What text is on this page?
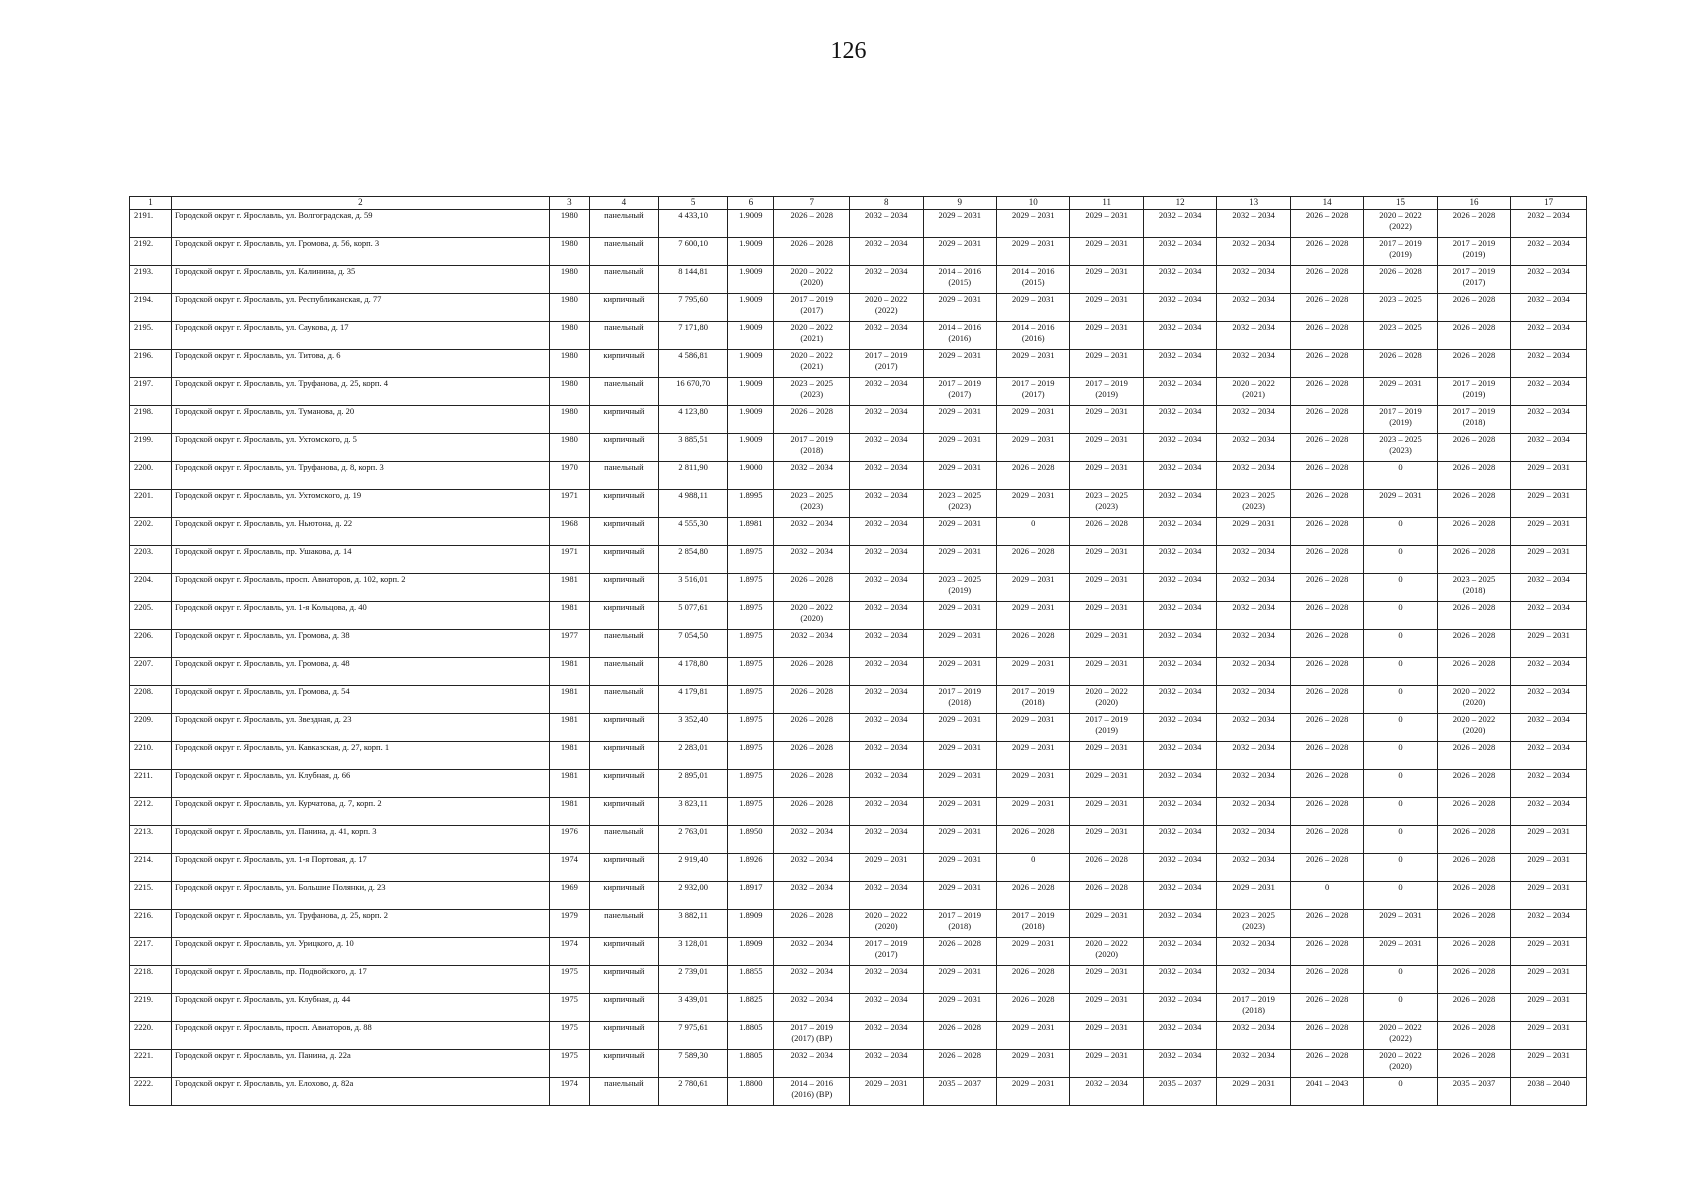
126
1	2	3	4	5	6	7	8	9	10	11	12	13	14	15	16	17
2191.	Городской округ г. Ярославль, ул. Волгоградская, д. 59	1980	панельный	4 433,10	1.9009	2026 – 2028	2032 – 2034	2029 – 2031	2029 – 2031	2029 – 2031	2032 – 2034	2032 – 2034	2026 – 2028	2020 – 2022
(2022)	2026 – 2028	2032 – 2034
2192.	Городской округ г. Ярославль, ул. Громова, д. 56, корп. 3	1980	панельный	7 600,10	1.9009	2026 – 2028	2032 – 2034	2029 – 2031	2029 – 2031	2029 – 2031	2032 – 2034	2032 – 2034	2026 – 2028	2017 – 2019
(2019)	2017 – 2019
(2019)	2032 – 2034
2193.	Городской округ г. Ярославль, ул. Калинина, д. 35	1980	панельный	8 144,81	1.9009	2020 – 2022
(2020)	2032 – 2034	2014 – 2016
(2015)	2014 – 2016
(2015)	2029 – 2031	2032 – 2034	2032 – 2034	2026 – 2028	2026 – 2028	2017 – 2019
(2017)	2032 – 2034
2194.	Городской округ г. Ярославль, ул. Республиканская, д. 77	1980	кирпичный	7 795,60	1.9009	2017 – 2019
(2017)	2020 – 2022
(2022)	2029 – 2031	2029 – 2031	2029 – 2031	2032 – 2034	2032 – 2034	2026 – 2028	2023 – 2025	2026 – 2028	2032 – 2034
2195.	Городской округ г. Ярославль, ул. Саукова, д. 17	1980	панельный	7 171,80	1.9009	2020 – 2022
(2021)	2032 – 2034	2014 – 2016
(2016)	2014 – 2016
(2016)	2029 – 2031	2032 – 2034	2032 – 2034	2026 – 2028	2023 – 2025	2026 – 2028	2032 – 2034
2196.	Городской округ г. Ярославль, ул. Титова, д. 6	1980	кирпичный	4 586,81	1.9009	2020 – 2022
(2021)	2017 – 2019
(2017)	2029 – 2031	2029 – 2031	2029 – 2031	2032 – 2034	2032 – 2034	2026 – 2028	2026 – 2028	2026 – 2028	2032 – 2034
2197.	Городской округ г. Ярославль, ул. Труфанова, д. 25, корп. 4	1980	панельный	16 670,70	1.9009	2023 – 2025
(2023)	2032 – 2034	2017 – 2019
(2017)	2017 – 2019
(2017)	2017 – 2019
(2019)	2032 – 2034	2020 – 2022
(2021)	2026 – 2028	2029 – 2031	2017 – 2019
(2019)	2032 – 2034
2198.	Городской округ г. Ярославль, ул. Туманова, д. 20	1980	кирпичный	4 123,80	1.9009	2026 – 2028	2032 – 2034	2029 – 2031	2029 – 2031	2029 – 2031	2032 – 2034	2032 – 2034	2026 – 2028	2017 – 2019
(2019)	2017 – 2019
(2018)	2032 – 2034
2199.	Городской округ г. Ярославль, ул. Ухтомского, д. 5	1980	кирпичный	3 885,51	1.9009	2017 – 2019
(2018)	2032 – 2034	2029 – 2031	2029 – 2031	2029 – 2031	2032 – 2034	2032 – 2034	2026 – 2028	2023 – 2025
(2023)	2026 – 2028	2032 – 2034
2200.	Городской округ г. Ярославль, ул. Труфанова, д. 8, корп. 3	1970	панельный	2 811,90	1.9000	2032 – 2034	2032 – 2034	2029 – 2031	2026 – 2028	2029 – 2031	2032 – 2034	2032 – 2034	2026 – 2028	0	2026 – 2028	2029 – 2031
2201.	Городской округ г. Ярославль, ул. Ухтомского, д. 19	1971	кирпичный	4 988,11	1.8995	2023 – 2025
(2023)	2032 – 2034	2023 – 2025
(2023)	2029 – 2031	2023 – 2025
(2023)	2032 – 2034	2023 – 2025
(2023)	2026 – 2028	2029 – 2031	2026 – 2028	2029 – 2031
2202.	Городской округ г. Ярославль, ул. Ньютона, д. 22	1968	кирпичный	4 555,30	1.8981	2032 – 2034	2032 – 2034	2029 – 2031	0	2026 – 2028	2032 – 2034	2029 – 2031	2026 – 2028	0	2026 – 2028	2029 – 2031
2203.	Городской округ г. Ярославль, пр. Ушакова, д. 14	1971	кирпичный	2 854,80	1.8975	2032 – 2034	2032 – 2034	2029 – 2031	2026 – 2028	2029 – 2031	2032 – 2034	2032 – 2034	2026 – 2028	0	2026 – 2028	2029 – 2031
2204.	Городской округ г. Ярославль, просп. Авиаторов, д. 102, корп. 2	1981	кирпичный	3 516,01	1.8975	2026 – 2028	2032 – 2034	2023 – 2025
(2019)	2029 – 2031	2029 – 2031	2032 – 2034	2032 – 2034	2026 – 2028	0	2023 – 2025
(2018)	2032 – 2034
2205.	Городской округ г. Ярославль, ул. 1-я Кольцова, д. 40	1981	кирпичный	5 077,61	1.8975	2020 – 2022
(2020)	2032 – 2034	2029 – 2031	2029 – 2031	2029 – 2031	2032 – 2034	2032 – 2034	2026 – 2028	0	2026 – 2028	2032 – 2034
2206.	Городской округ г. Ярославль, ул. Громова, д. 38	1977	панельный	7 054,50	1.8975	2032 – 2034	2032 – 2034	2029 – 2031	2026 – 2028	2029 – 2031	2032 – 2034	2032 – 2034	2026 – 2028	0	2026 – 2028	2029 – 2031
2207.	Городской округ г. Ярославль, ул. Громова, д. 48	1981	панельный	4 178,80	1.8975	2026 – 2028	2032 – 2034	2029 – 2031	2029 – 2031	2029 – 2031	2032 – 2034	2032 – 2034	2026 – 2028	0	2026 – 2028	2032 – 2034
2208.	Городской округ г. Ярославль, ул. Громова, д. 54	1981	панельный	4 179,81	1.8975	2026 – 2028	2032 – 2034	2017 – 2019
(2018)	2017 – 2019
(2018)	2020 – 2022
(2020)	2032 – 2034	2032 – 2034	2026 – 2028	0	2020 – 2022
(2020)	2032 – 2034
2209.	Городской округ г. Ярославль, ул. Звездная, д. 23	1981	кирпичный	3 352,40	1.8975	2026 – 2028	2032 – 2034	2029 – 2031	2029 – 2031	2017 – 2019
(2019)	2032 – 2034	2032 – 2034	2026 – 2028	0	2020 – 2022
(2020)	2032 – 2034
2210.	Городской округ г. Ярославль, ул. Кавказская, д. 27, корп. 1	1981	кирпичный	2 283,01	1.8975	2026 – 2028	2032 – 2034	2029 – 2031	2029 – 2031	2029 – 2031	2032 – 2034	2032 – 2034	2026 – 2028	0	2026 – 2028	2032 – 2034
2211.	Городской округ г. Ярославль, ул. Клубная, д. 66	1981	кирпичный	2 895,01	1.8975	2026 – 2028	2032 – 2034	2029 – 2031	2029 – 2031	2029 – 2031	2032 – 2034	2032 – 2034	2026 – 2028	0	2026 – 2028	2032 – 2034
2212.	Городской округ г. Ярославль, ул. Курчатова, д. 7, корп. 2	1981	кирпичный	3 823,11	1.8975	2026 – 2028	2032 – 2034	2029 – 2031	2029 – 2031	2029 – 2031	2032 – 2034	2032 – 2034	2026 – 2028	0	2026 – 2028	2032 – 2034
2213.	Городской округ г. Ярославль, ул. Панина, д. 41, корп. 3	1976	панельный	2 763,01	1.8950	2032 – 2034	2032 – 2034	2029 – 2031	2026 – 2028	2029 – 2031	2032 – 2034	2032 – 2034	2026 – 2028	0	2026 – 2028	2029 – 2031
2214.	Городской округ г. Ярославль, ул. 1-я Портовая, д. 17	1974	кирпичный	2 919,40	1.8926	2032 – 2034	2029 – 2031	2029 – 2031	0	2026 – 2028	2032 – 2034	2032 – 2034	2026 – 2028	0	2026 – 2028	2029 – 2031
2215.	Городской округ г. Ярославль, ул. Большие Полянки, д. 23	1969	кирпичный	2 932,00	1.8917	2032 – 2034	2032 – 2034	2029 – 2031	2026 – 2028	2026 – 2028	2032 – 2034	2029 – 2031	0	0	2026 – 2028	2029 – 2031
2216.	Городской округ г. Ярославль, ул. Труфанова, д. 25, корп. 2	1979	панельный	3 882,11	1.8909	2026 – 2028	2020 – 2022
(2020)	2017 – 2019
(2018)	2017 – 2019
(2018)	2029 – 2031	2032 – 2034	2023 – 2025
(2023)	2026 – 2028	2029 – 2031	2026 – 2028	2032 – 2034
2217.	Городской округ г. Ярославль, ул. Урицкого, д. 10	1974	кирпичный	3 128,01	1.8909	2032 – 2034	2017 – 2019
(2017)	2026 – 2028	2029 – 2031	2020 – 2022
(2020)	2032 – 2034	2032 – 2034	2026 – 2028	2029 – 2031	2026 – 2028	2029 – 2031
2218.	Городской округ г. Ярославль, пр. Подвойского, д. 17	1975	кирпичный	2 739,01	1.8855	2032 – 2034	2032 – 2034	2029 – 2031	2026 – 2028	2029 – 2031	2032 – 2034	2032 – 2034	2026 – 2028	0	2026 – 2028	2029 – 2031
2219.	Городской округ г. Ярославль, ул. Клубная, д. 44	1975	кирпичный	3 439,01	1.8825	2032 – 2034	2032 – 2034	2029 – 2031	2026 – 2028	2029 – 2031	2032 – 2034	2017 – 2019
(2018)	2026 – 2028	0	2026 – 2028	2029 – 2031
2220.	Городской округ г. Ярославль, просп. Авиаторов, д. 88	1975	кирпичный	7 975,61	1.8805	2017 – 2019
(2017) (ВР)	2032 – 2034	2026 – 2028	2029 – 2031	2029 – 2031	2032 – 2034	2032 – 2034	2026 – 2028	2020 – 2022
(2022)	2026 – 2028	2029 – 2031
2221.	Городской округ г. Ярославль, ул. Панина, д. 22а	1975	кирпичный	7 589,30	1.8805	2032 – 2034	2032 – 2034	2026 – 2028	2029 – 2031	2029 – 2031	2032 – 2034	2032 – 2034	2026 – 2028	2020 – 2022
(2020)	2026 – 2028	2029 – 2031
2222.	Городской округ г. Ярославль, ул. Елохово, д. 82а	1974	панельный	2 780,61	1.8800	2014 – 2016
(2016) (ВР)	2029 – 2031	2035 – 2037	2029 – 2031	2032 – 2034	2035 – 2037	2029 – 2031	2041 – 2043	0	2035 – 2037	2038 – 2040
